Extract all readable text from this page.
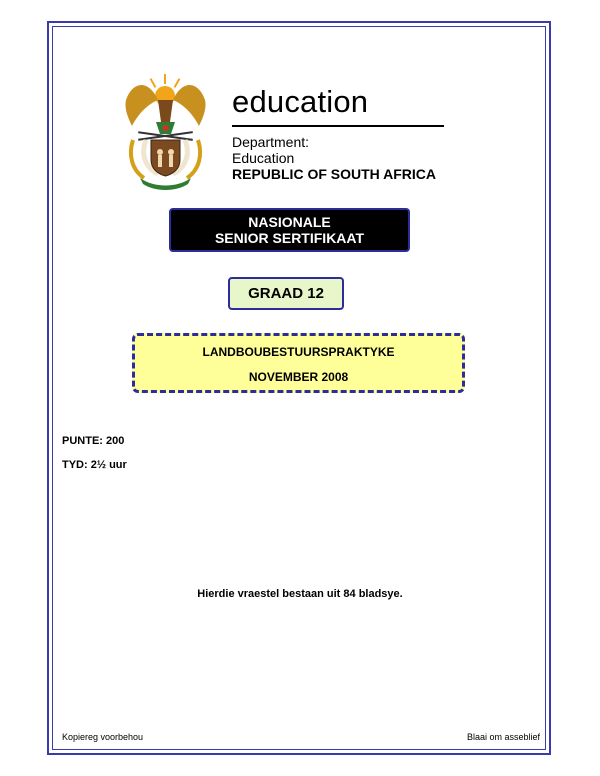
education
Department:
Education
REPUBLIC OF SOUTH AFRICA
NASIONALE
SENIOR SERTIFIKAAT
GRAAD 12
LANDBOUBESTUURSPRAKTYKE
NOVEMBER 2008
PUNTE: 200
TYD: 2½ uur
Hierdie vraestel bestaan uit 84 bladsye.
Kopiereg voorbehou	Blaai om asseblief
